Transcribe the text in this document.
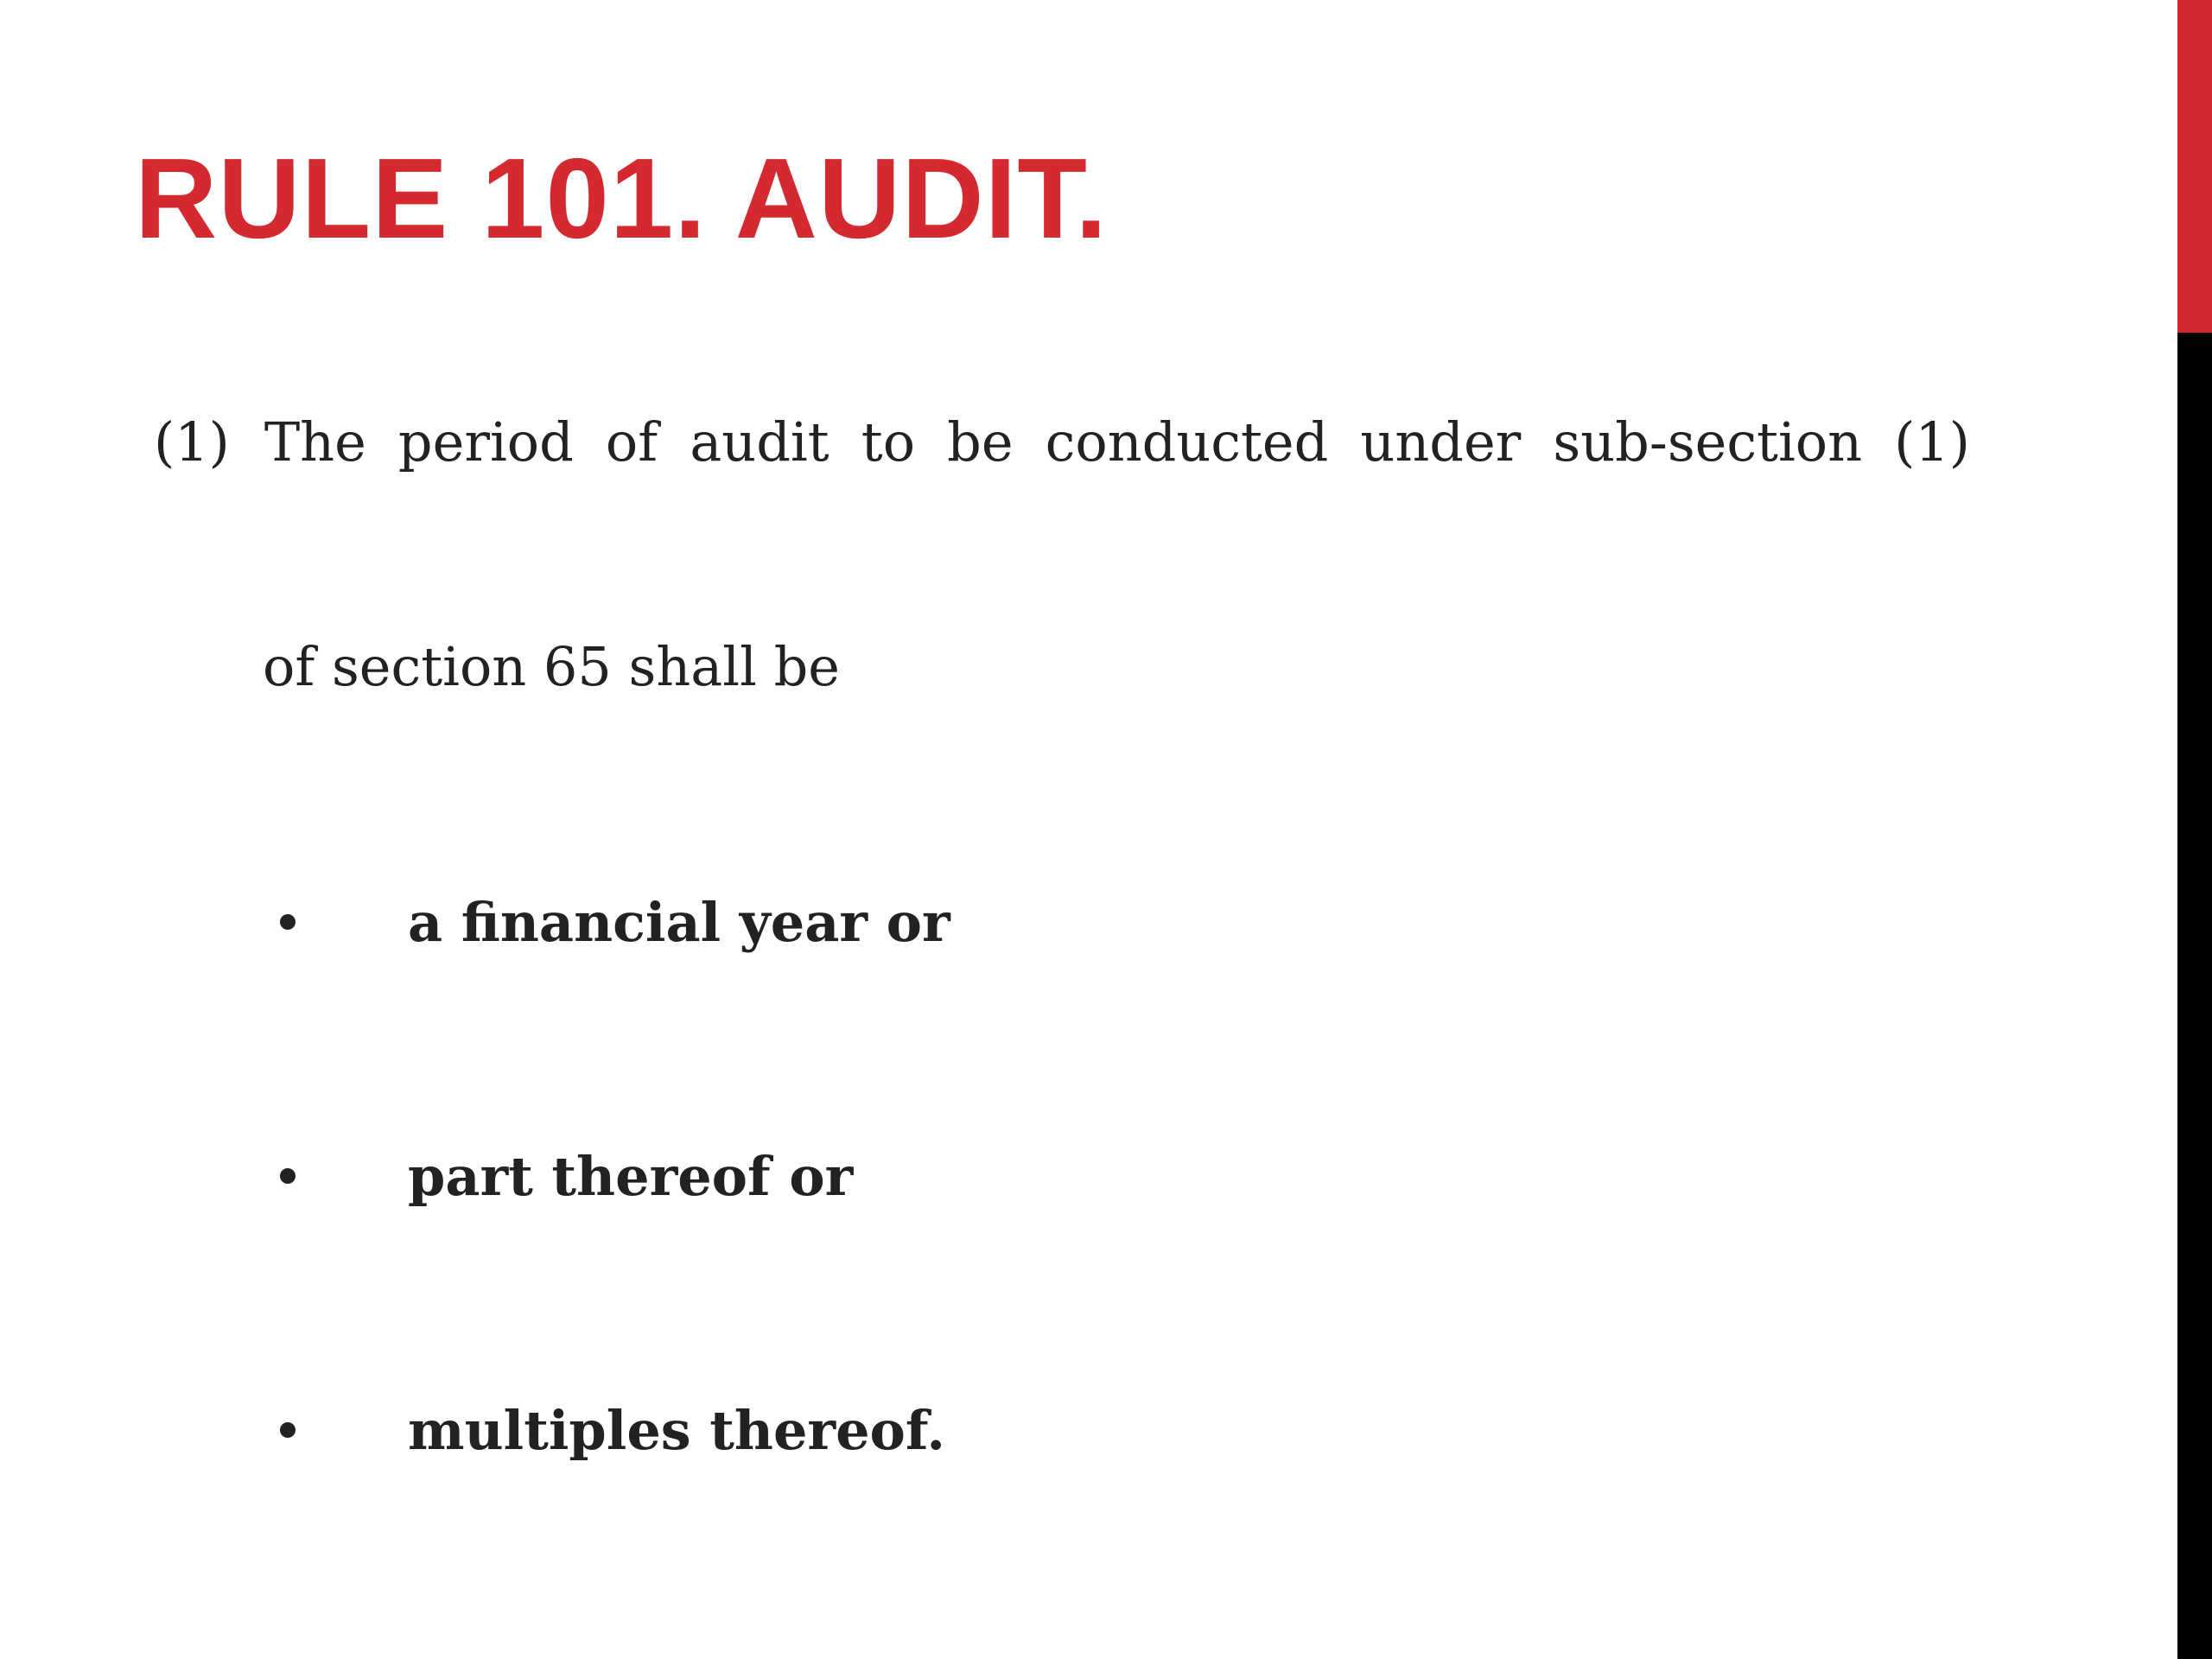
RULE 101. AUDIT.
(1) The period of audit to be conducted under sub-section (1)
of section 65 shall be
a financial year or
part thereof or
multiples thereof.
